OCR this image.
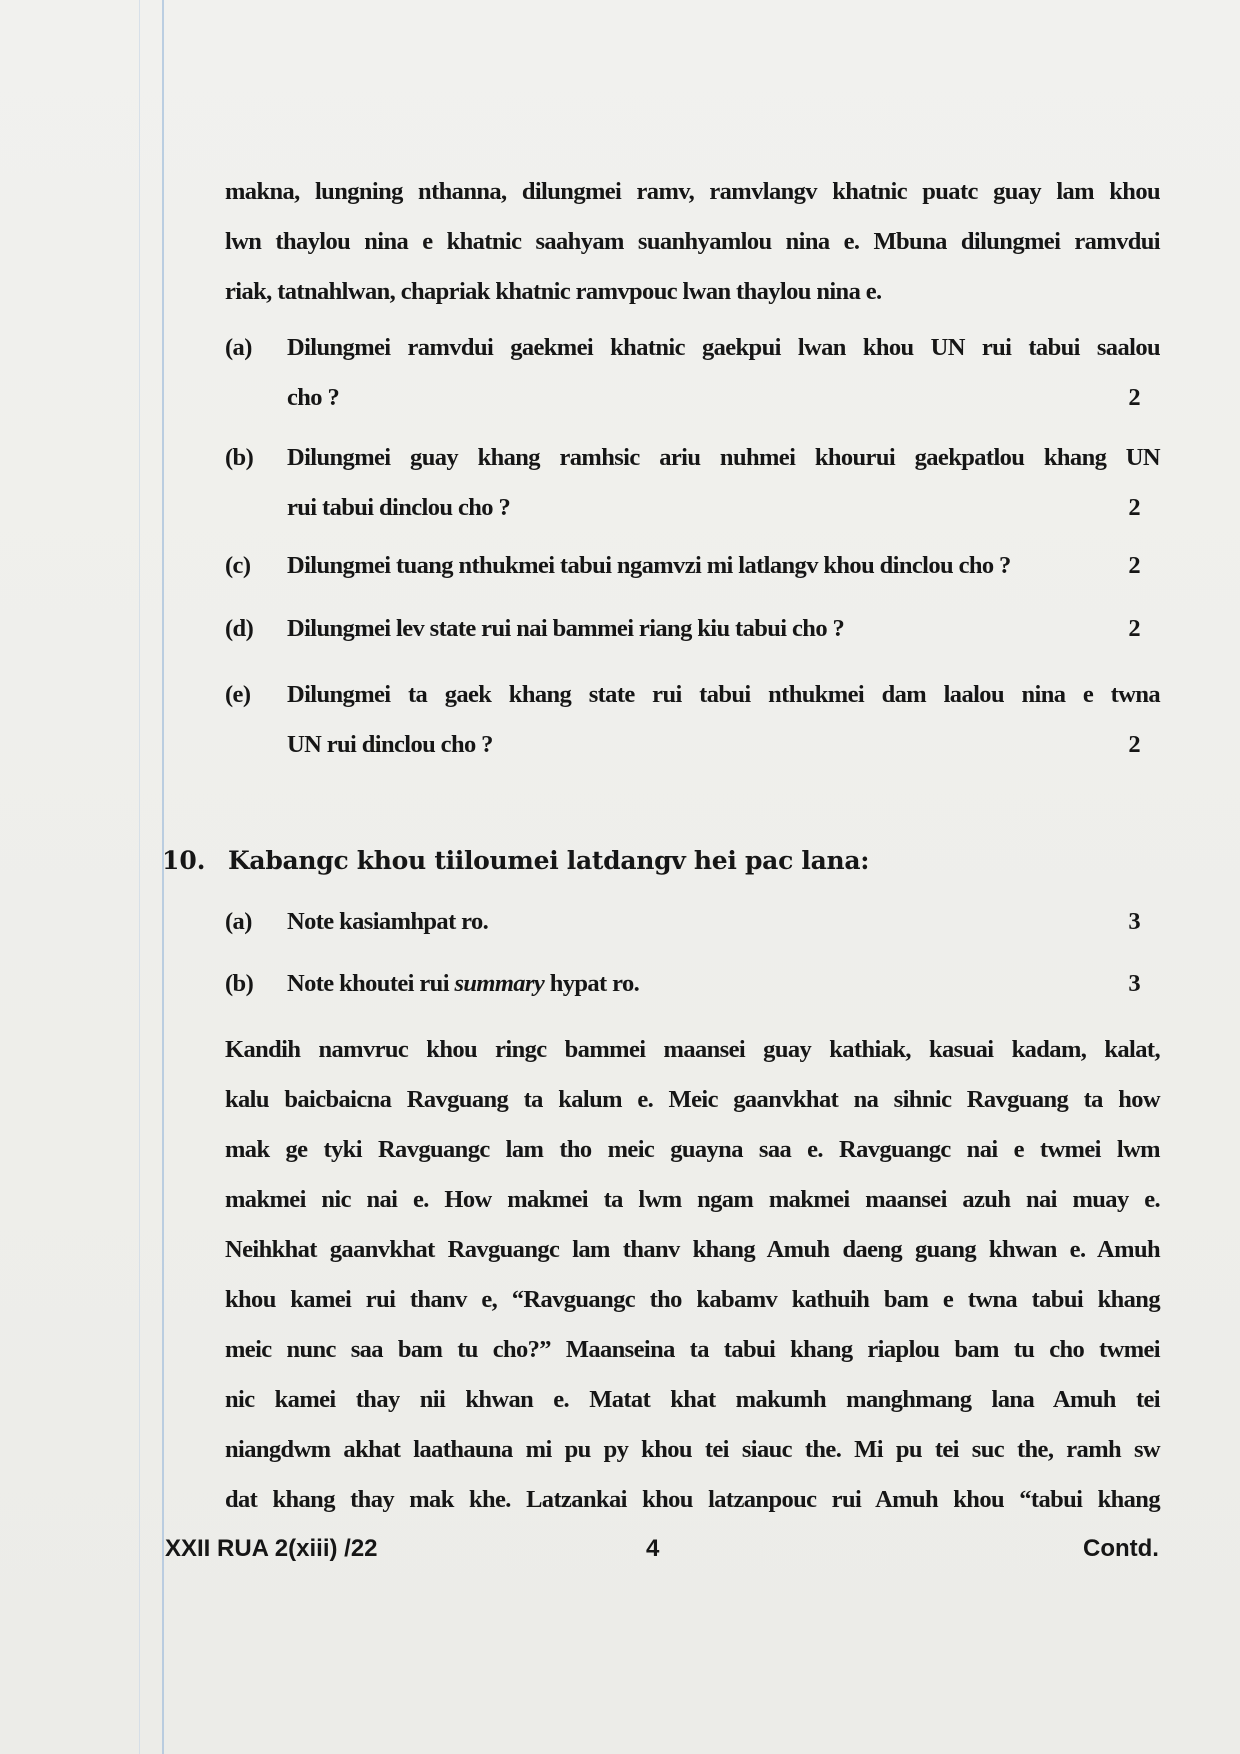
makna, lungning nthanna, dilungmei ramv, ramvlangv khatnic puatc guay lam khou
lwn thaylou nina e khatnic saahyam suanhyamlou nina e. Mbuna dilungmei ramvdui
riak, tatnahlwan, chapriak khatnic ramvpouc lwan thaylou nina e.
(a) Dilungmei ramvdui gaekmei khatnic gaekpui lwan khou UN rui tabui saalou
cho ?	2
(b) Dilungmei guay khang ramhsic ariu nuhmei khourui gaekpatlou khang UN
rui tabui dinclou cho ?	2
(c) Dilungmei tuang nthukmei tabui ngamvzi mi latlangv khou dinclou cho ?	2
(d) Dilungmei lev state rui nai bammei riang kiu tabui cho ?	2
(e) Dilungmei ta gaek khang state rui tabui nthukmei dam laalou nina e twna
UN rui dinclou cho ?	2
10. Kabangc khou tiiloumei latdangv hei pac lana:
(a) Note kasiamhpat ro.	3
(b) Note khoutei rui summary hypat ro.	3
Kandih namvruc khou ringc bammei maansei guay kathiak, kasuai kadam, kalat,
kalu baicbaicna Ravguang ta kalum e. Meic gaanvkhat na sihnic Ravguang ta how
mak ge tyki Ravguangc lam tho meic guayna saa e. Ravguangc nai e twmei lwm
makmei nic nai e. How makmei ta lwm ngam makmei maansei azuh nai muay e.
Neihkhat gaanvkhat Ravguangc lam thanv khang Amuh daeng guang khwan e. Amuh
khou kamei rui thanv e, “Ravguangc tho kabamv kathuih bam e twna tabui khang
meic nunc saa bam tu cho?” Maanseina ta tabui khang riaplou bam tu cho twmei
nic kamei thay nii khwan e. Matat khat makumh manghmang lana Amuh tei
niangdwm akhat laathauna mi pu py khou tei siauc the. Mi pu tei suc the, ramh sw
dat khang thay mak khe. Latzankai khou latzanpouc rui Amuh khou “tabui khang
XXII RUA 2(xiii) /22	4	Contd.
